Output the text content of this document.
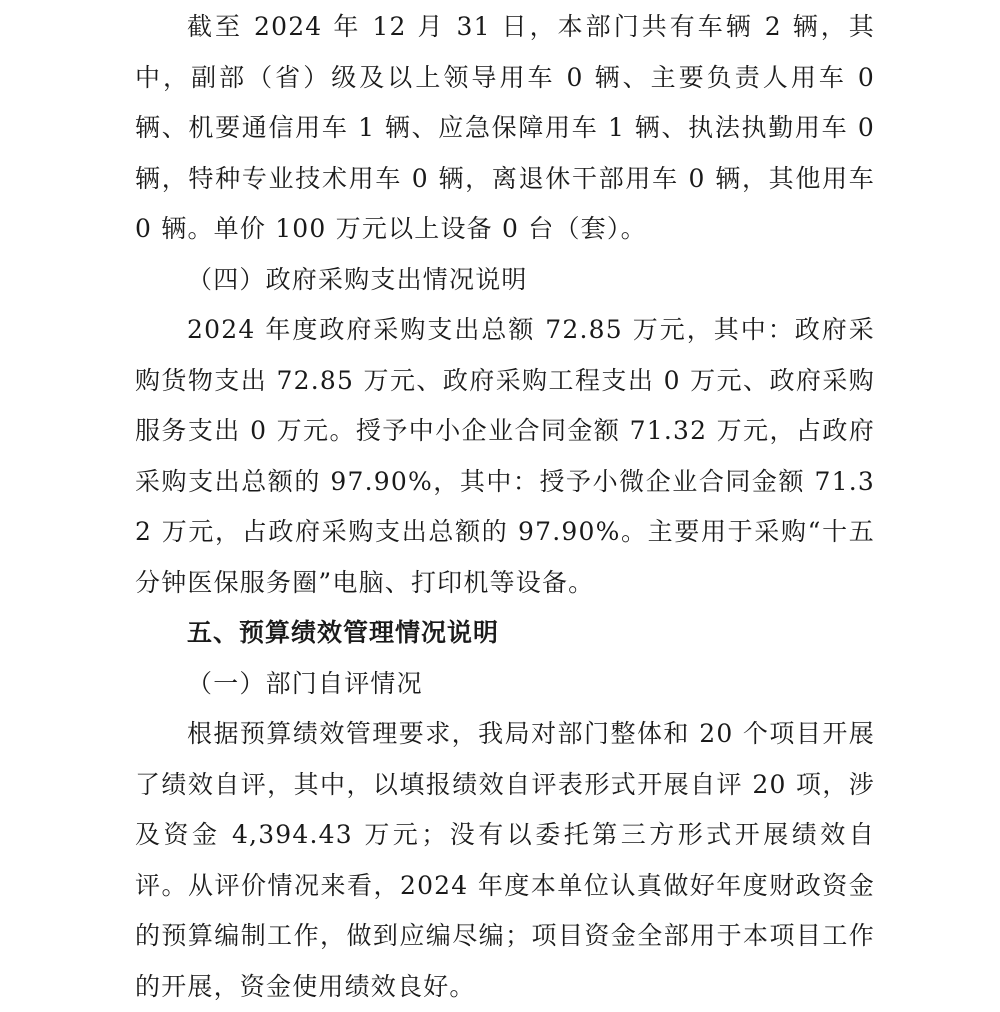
截至 2024 年 12 月 31 日，本部门共有车辆 2 辆，其中，副部（省）级及以上领导用车 0 辆、主要负责人用车 0 辆、机要通信用车 1 辆、应急保障用车 1 辆、执法执勤用车 0 辆，特种专业技术用车 0 辆，离退休干部用车 0 辆，其他用车 0 辆。单价 100 万元以上设备 0 台（套）。

（四）政府采购支出情况说明

2024 年度政府采购支出总额 72.85 万元，其中：政府采购货物支出 72.85 万元、政府采购工程支出 0 万元、政府采购服务支出 0 万元。授予中小企业合同金额 71.32 万元，占政府采购支出总额的 97.90%，其中：授予小微企业合同金额 71.32 万元，占政府采购支出总额的 97.90%。主要用于采购“十五分钟医保服务圈”电脑、打印机等设备。

五、预算绩效管理情况说明

（一）部门自评情况

根据预算绩效管理要求，我局对部门整体和 20 个项目开展了绩效自评，其中，以填报绩效自评表形式开展自评 20 项，涉及资金 4,394.43 万元；没有以委托第三方形式开展绩效自评。从评价情况来看，2024 年度本单位认真做好年度财政资金的预算编制工作，做到应编尽编；项目资金全部用于本项目工作的开展，资金使用绩效良好。
